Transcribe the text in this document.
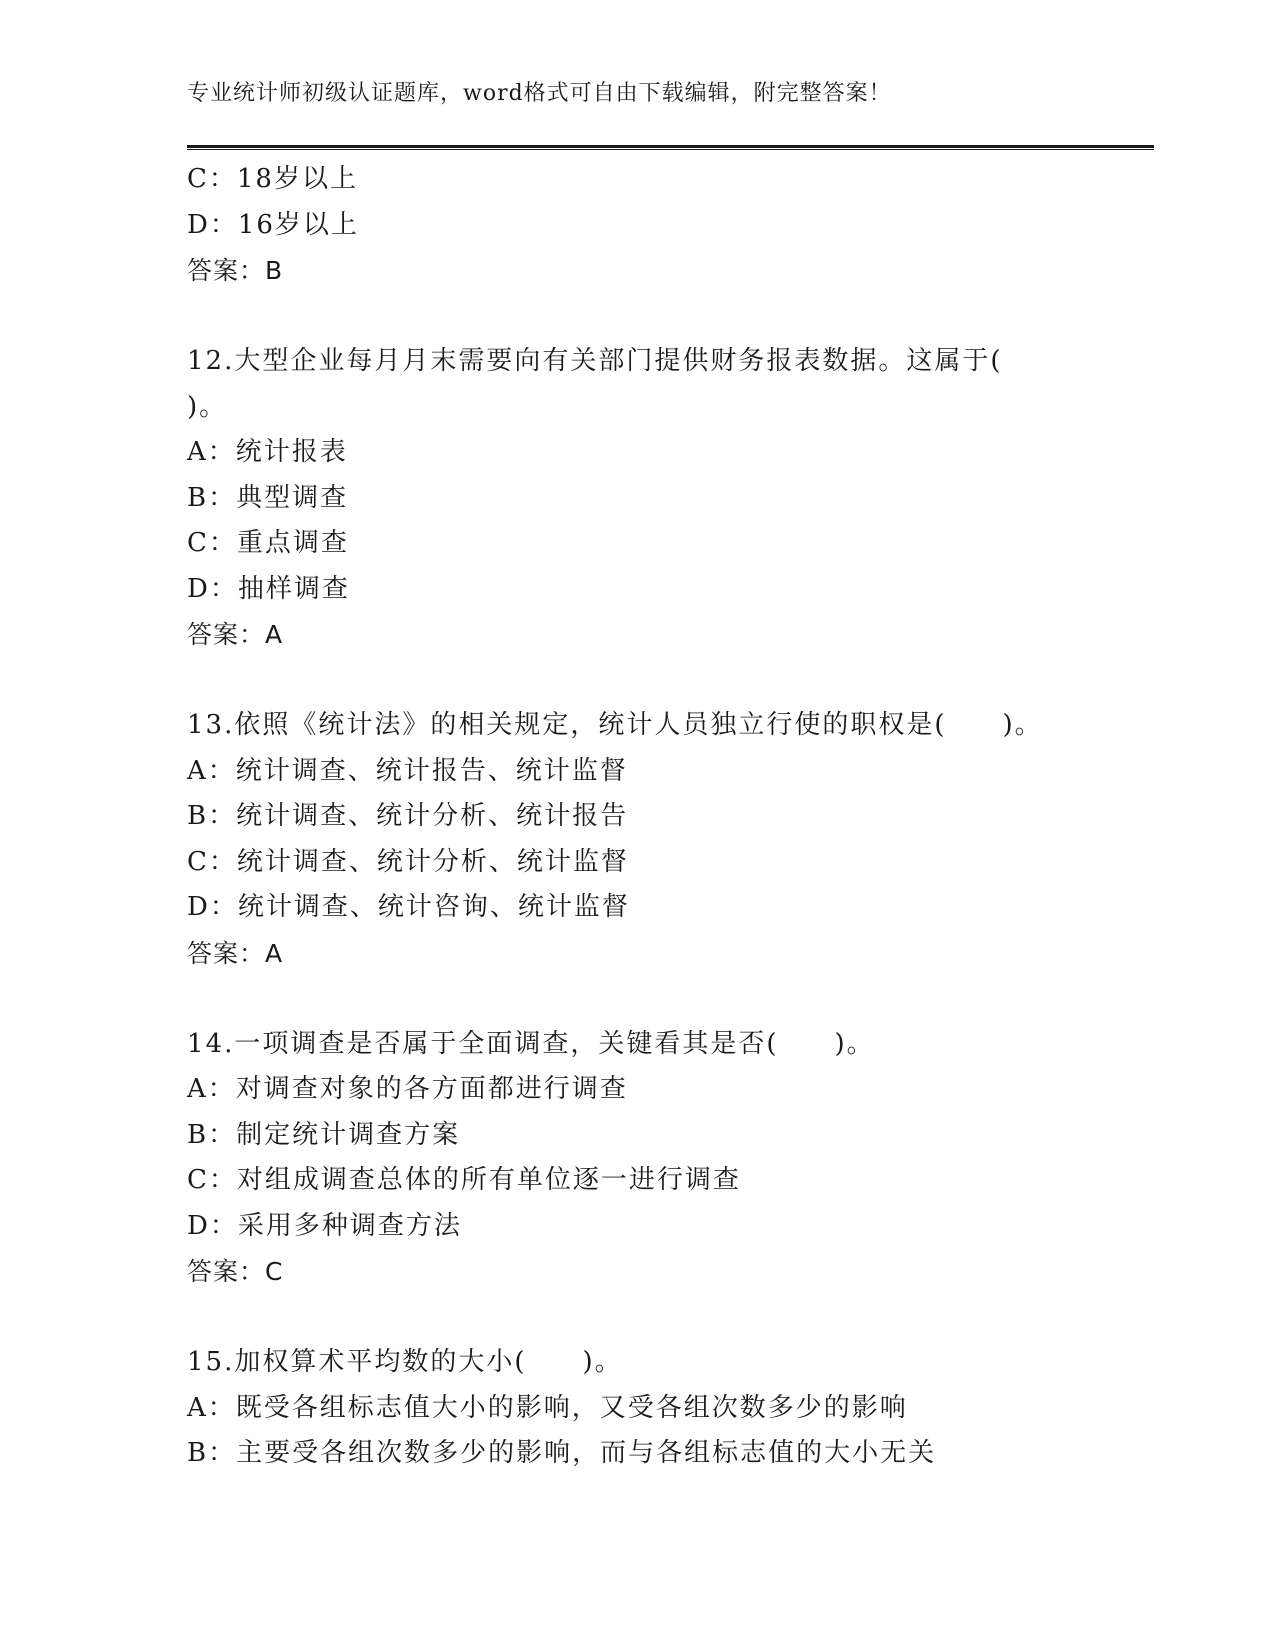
专业统计师初级认证题库，word格式可自由下载编辑，附完整答案！
C：18岁以上
D：16岁以上
答案：B
12.大型企业每月月末需要向有关部门提供财务报表数据。这属于(
)。
A：统计报表
B：典型调查
C：重点调查
D：抽样调查
答案：A
13.依照《统计法》的相关规定，统计人员独立行使的职权是(　　)。
A：统计调查、统计报告、统计监督
B：统计调查、统计分析、统计报告
C：统计调查、统计分析、统计监督
D：统计调查、统计咨询、统计监督
答案：A
14.一项调查是否属于全面调查，关键看其是否(　　)。
A：对调查对象的各方面都进行调查
B：制定统计调查方案
C：对组成调查总体的所有单位逐一进行调查
D：采用多种调查方法
答案：C
15.加权算术平均数的大小(　　)。
A：既受各组标志值大小的影响，又受各组次数多少的影响
B：主要受各组次数多少的影响，而与各组标志值的大小无关
